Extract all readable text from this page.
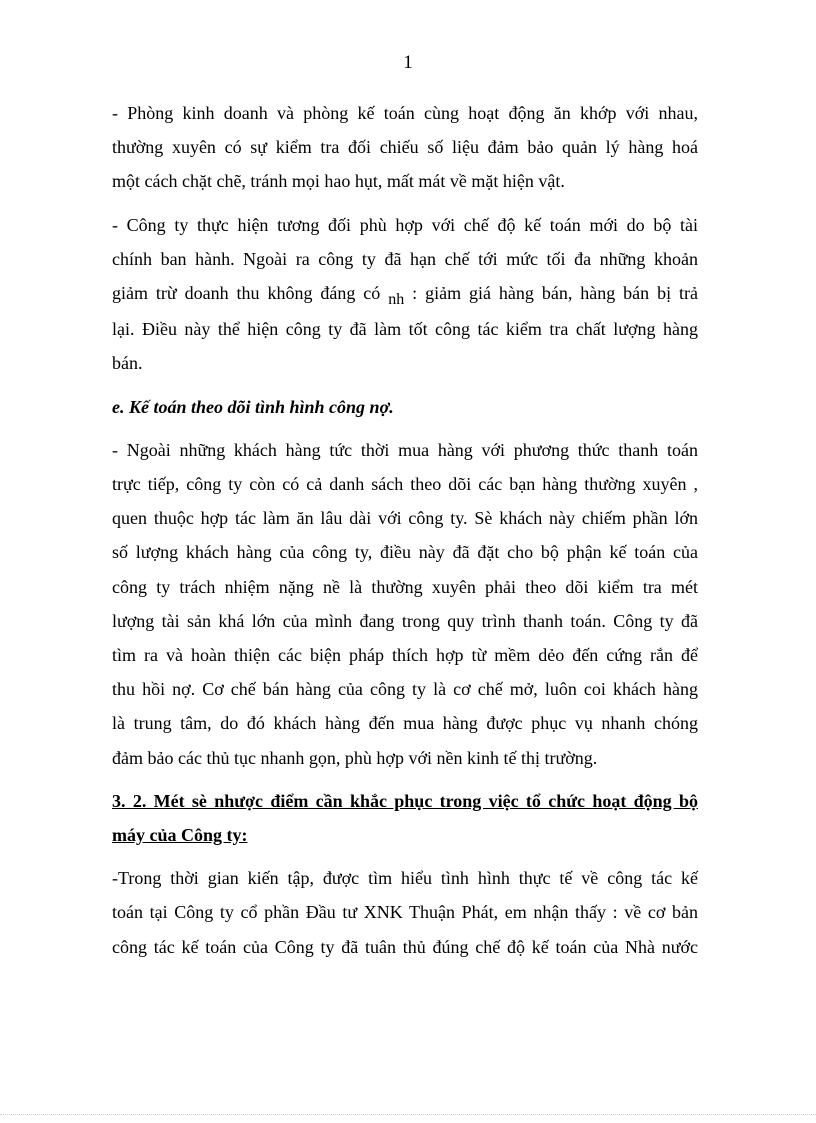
1
- Phòng kinh doanh và phòng kế toán cùng hoạt động ăn khớp với nhau,
thường xuyên có sự kiểm tra đối chiếu số liệu đảm bảo quản lý hàng hoá
một cách chặt chẽ, tránh mọi hao hụt, mất mát về mặt hiện vật.
- Công ty thực hiện tương đối phù hợp với chế độ kế toán mới do bộ tài
chính ban hành. Ngoài ra công ty đã hạn chế tới mức tối đa những khoản
giảm trừ doanh thu không đáng có nh : giảm giá hàng bán, hàng bán bị trả
lại. Điều này thể hiện công ty đã làm tốt công tác kiểm tra chất lượng hàng
bán.
e. Kế toán theo dõi tình hình công nợ.
- Ngoài những khách hàng tức thời mua hàng với phương thức thanh toán
trực tiếp, công ty còn có cả danh sách theo dõi các bạn hàng thường xuyên ,
quen thuộc hợp tác làm ăn lâu dài với công ty. Sè khách này chiếm phần lớn
số lượng khách hàng của công ty, điều này đã đặt cho bộ phận kế toán của
công ty trách nhiệm nặng nề là thường xuyên phải theo dõi kiểm tra mét
lượng tài sản khá lớn của mình đang trong quy trình thanh toán. Công ty đã
tìm ra và hoàn thiện các biện pháp thích hợp từ mềm dẻo đến cứng rắn để
thu hồi nợ. Cơ chế bán hàng của công ty là cơ chế mở, luôn coi khách hàng
là trung tâm, do đó khách hàng đến mua hàng được phục vụ nhanh chóng
đảm bảo các thủ tục nhanh gọn, phù hợp với nền kinh tế thị trường.
3. 2. Mét sè nhược điểm cần khắc phục trong việc tổ chức hoạt động bộ
máy của Công ty:
-Trong thời gian kiến tập, được tìm hiểu tình hình thực tế về công tác kế
toán tại Công ty cổ phần Đầu tư XNK Thuận Phát, em nhận thấy : về cơ bản
công tác kế toán của Công ty đã tuân thủ đúng chế độ kế toán của Nhà nước
